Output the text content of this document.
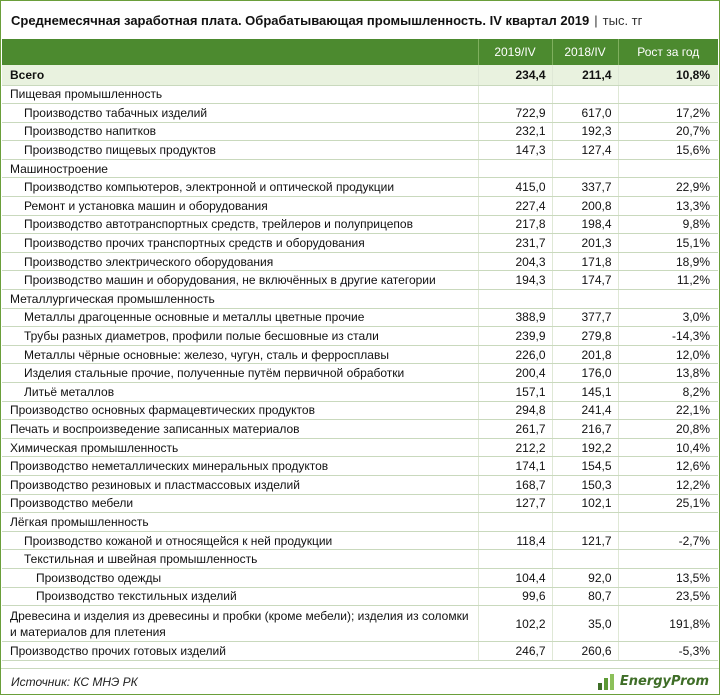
Среднемесячная заработная плата. Обрабатывающая промышленность. IV квартал 2019 | тыс. тг
	2019/IV	2018/IV	Рост за год
Всего	234,4	211,4	10,8%
Пищевая промышленность			
Производство табачных изделий	722,9	617,0	17,2%
Производство напитков	232,1	192,3	20,7%
Производство пищевых продуктов	147,3	127,4	15,6%
Машиностроение			
Производство компьютеров, электронной и оптической продукции	415,0	337,7	22,9%
Ремонт и установка машин и оборудования	227,4	200,8	13,3%
Производство автотранспортных средств, трейлеров и полуприцепов	217,8	198,4	9,8%
Производство прочих транспортных средств и оборудования	231,7	201,3	15,1%
Производство электрического оборудования	204,3	171,8	18,9%
Производство машин и оборудования, не включённых в другие категории	194,3	174,7	11,2%
Металлургическая промышленность			
Металлы драгоценные основные и металлы цветные прочие	388,9	377,7	3,0%
Трубы разных диаметров, профили полые бесшовные из стали	239,9	279,8	-14,3%
Металлы чёрные основные: железо, чугун, сталь и ферросплавы	226,0	201,8	12,0%
Изделия стальные прочие, полученные путём первичной обработки	200,4	176,0	13,8%
Литьё металлов	157,1	145,1	8,2%
Производство основных фармацевтических продуктов	294,8	241,4	22,1%
Печать и воспроизведение записанных материалов	261,7	216,7	20,8%
Химическая промышленность	212,2	192,2	10,4%
Производство неметаллических минеральных продуктов	174,1	154,5	12,6%
Производство резиновых и пластмассовых изделий	168,7	150,3	12,2%
Производство мебели	127,7	102,1	25,1%
Лёгкая промышленность			
Производство кожаной и относящейся к ней продукции	118,4	121,7	-2,7%
Текстильная и швейная промышленность			
Производство одежды	104,4	92,0	13,5%
Производство текстильных изделий	99,6	80,7	23,5%
Древесина и изделия из древесины и пробки (кроме мебели); изделия из соломки и материалов для плетения	102,2	35,0	191,8%
Производство прочих готовых изделий	246,7	260,6	-5,3%
Источник: КС МНЭ РК	EnergyProm
